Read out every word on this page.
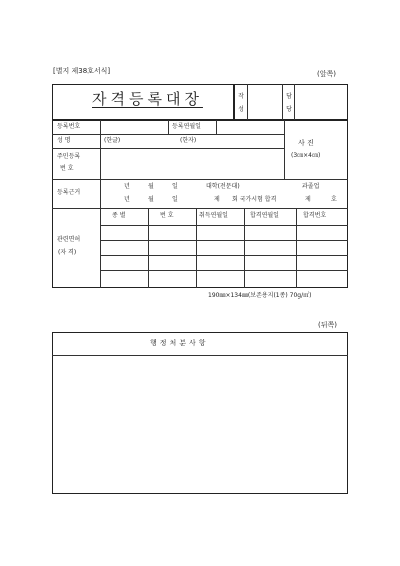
[별지 제38호서식]	(앞쪽)
자격등록대장	작 성
담 당
등록번호	등록연월일
성 명	(한글)	(한자)
주민등록
번 호
사 진
(3㎝×4㎝)
등록근거
년	월	일	대학(전문대)	과졸업
년	월	일	제 회 국가시험 합격	제	호
관련면허
(자 격)
종 별	번 호	취득연월일	합격연월일	합격번호
190㎜×134㎜(보존용지(1종) 70g/㎡)
(뒤쪽)
행정처분사항
